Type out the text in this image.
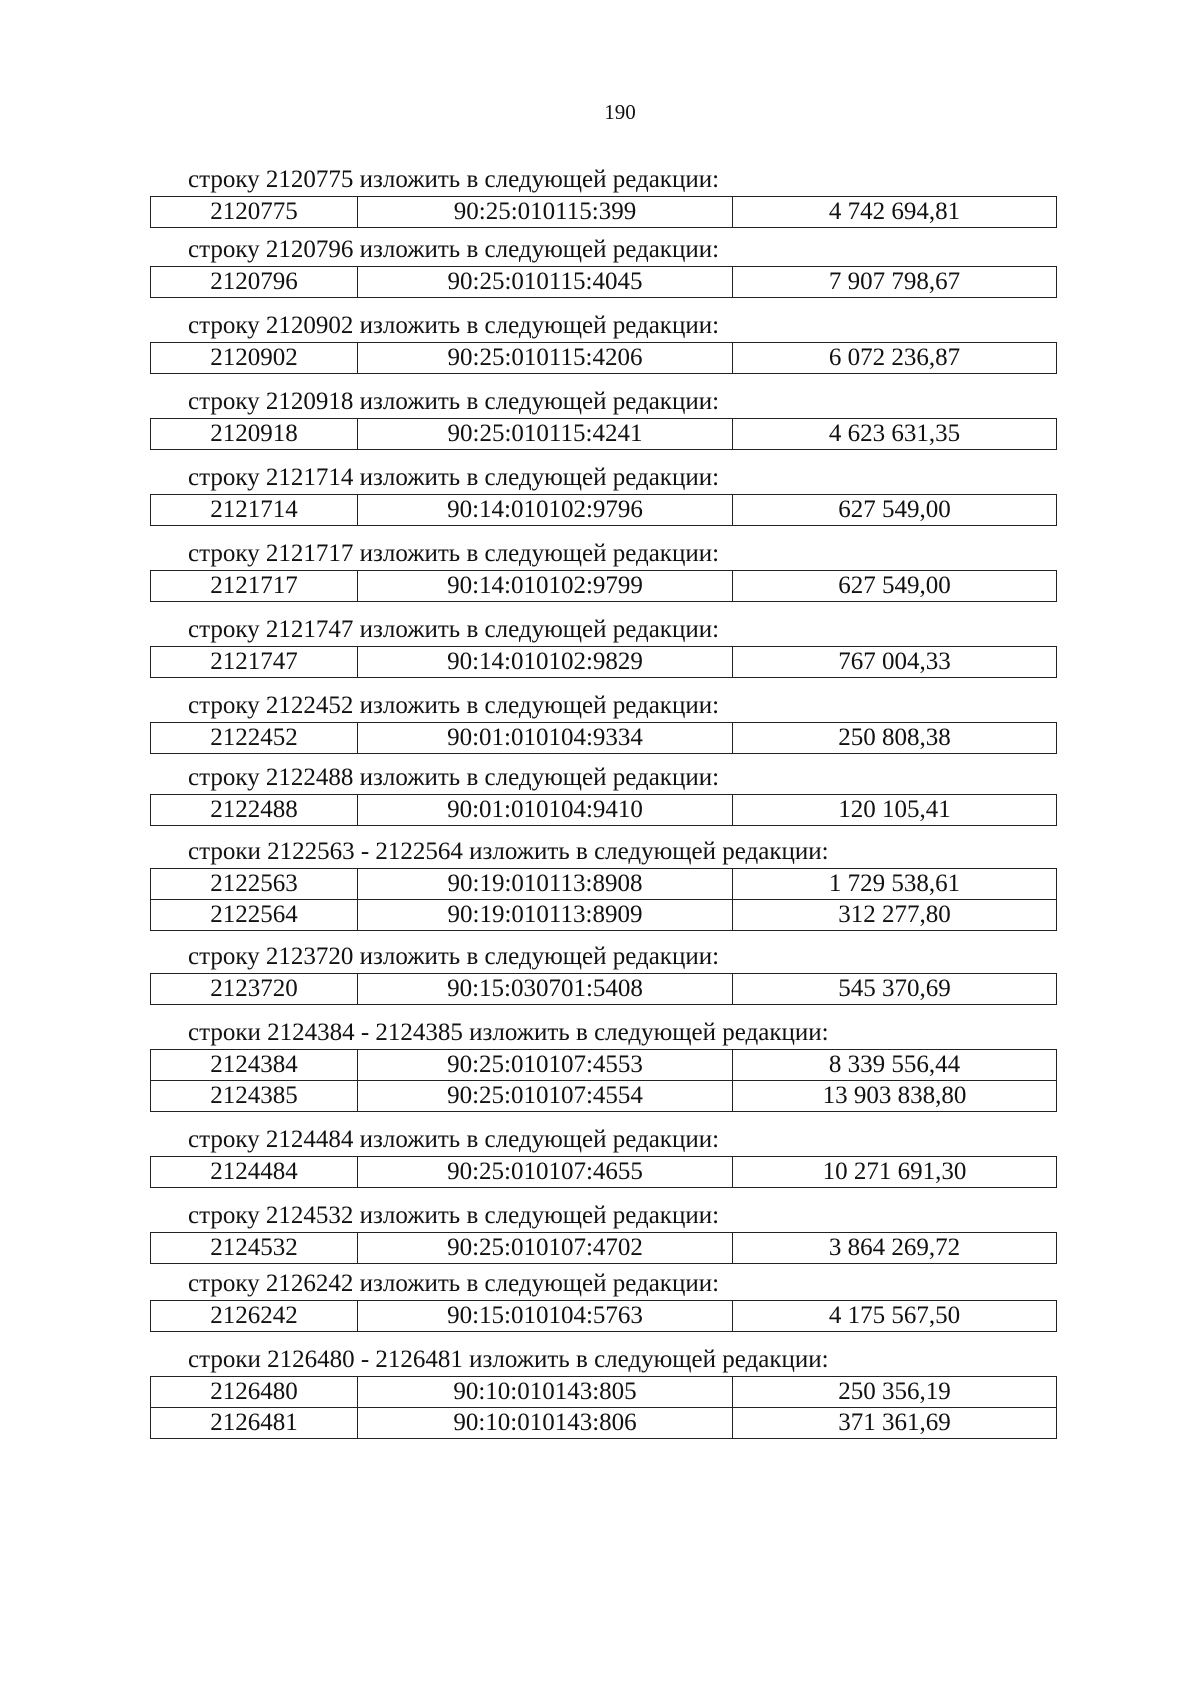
190
строку 2120775 изложить в следующей редакции:
2120775	90:25:010115:399	4 742 694,81
строку 2120796 изложить в следующей редакции:
2120796	90:25:010115:4045	7 907 798,67
строку 2120902 изложить в следующей редакции:
2120902	90:25:010115:4206	6 072 236,87
строку 2120918 изложить в следующей редакции:
2120918	90:25:010115:4241	4 623 631,35
строку 2121714 изложить в следующей редакции:
2121714	90:14:010102:9796	627 549,00
строку 2121717 изложить в следующей редакции:
2121717	90:14:010102:9799	627 549,00
строку 2121747 изложить в следующей редакции:
2121747	90:14:010102:9829	767 004,33
строку 2122452 изложить в следующей редакции:
2122452	90:01:010104:9334	250 808,38
строку 2122488 изложить в следующей редакции:
2122488	90:01:010104:9410	120 105,41
строки 2122563 - 2122564 изложить в следующей редакции:
2122563	90:19:010113:8908	1 729 538,61
2122564	90:19:010113:8909	312 277,80
строку 2123720 изложить в следующей редакции:
2123720	90:15:030701:5408	545 370,69
строки 2124384 - 2124385 изложить в следующей редакции:
2124384	90:25:010107:4553	8 339 556,44
2124385	90:25:010107:4554	13 903 838,80
строку 2124484 изложить в следующей редакции:
2124484	90:25:010107:4655	10 271 691,30
строку 2124532 изложить в следующей редакции:
2124532	90:25:010107:4702	3 864 269,72
строку 2126242 изложить в следующей редакции:
2126242	90:15:010104:5763	4 175 567,50
строки 2126480 - 2126481 изложить в следующей редакции:
2126480	90:10:010143:805	250 356,19
2126481	90:10:010143:806	371 361,69
